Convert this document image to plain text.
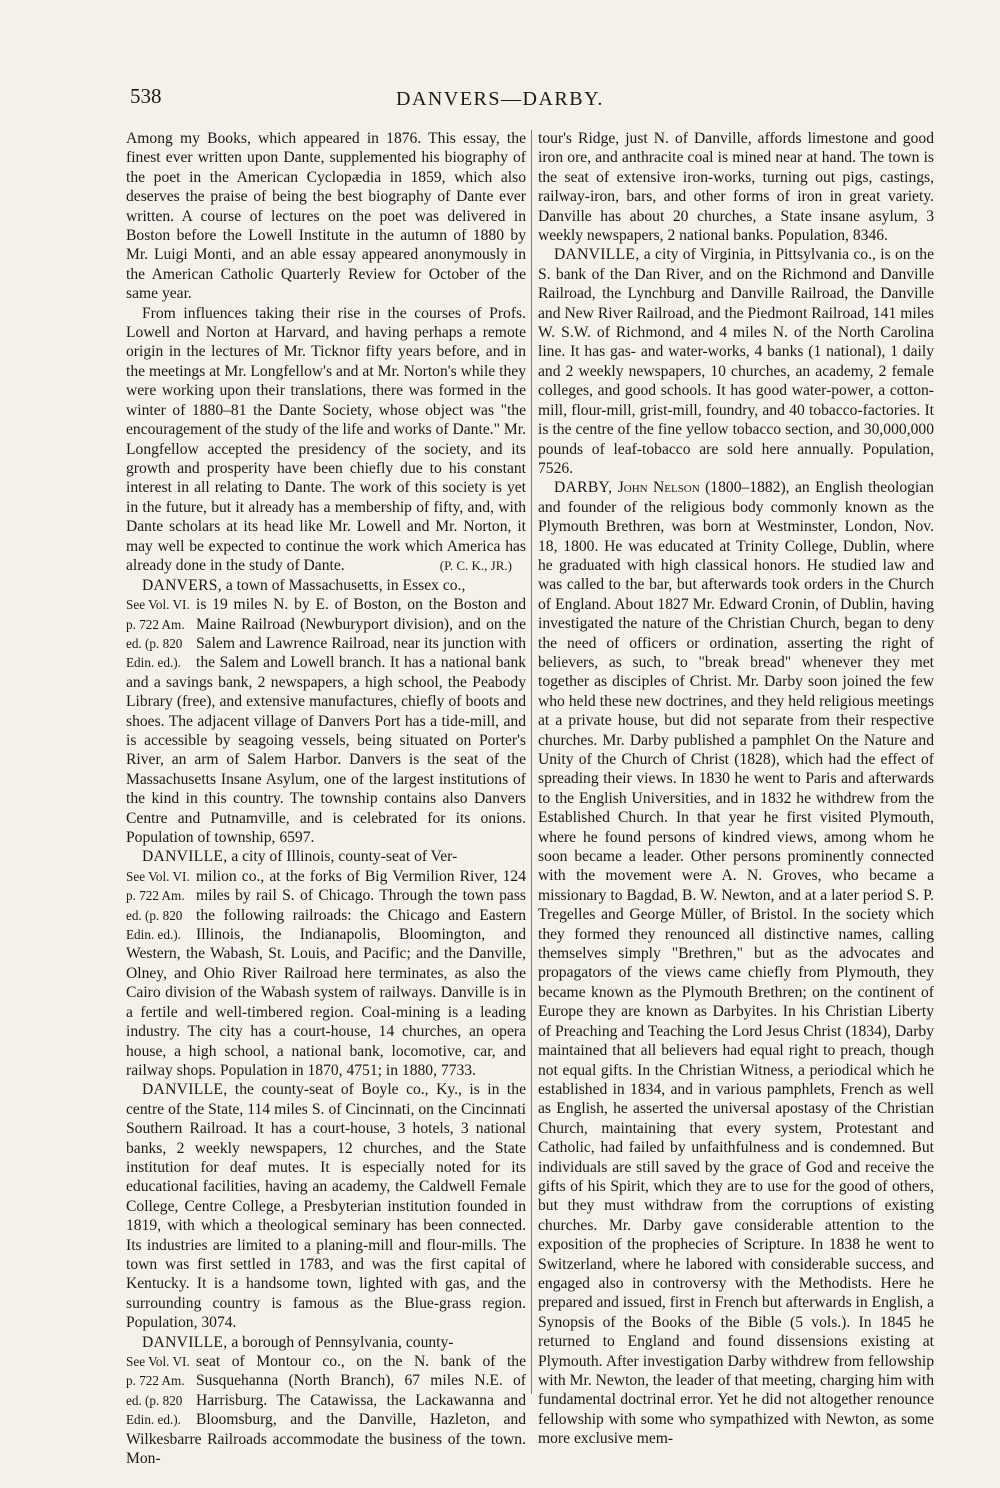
538	DANVERS—DARBY.

Among my Books, which appeared in 1876. This essay, the finest ever written upon Dante, supplemented his biography of the poet in the American Cyclopædia in 1859, which also deserves the praise of being the best biography of Dante ever written. A course of lectures on the poet was delivered in Boston before the Lowell Institute in the autumn of 1880 by Mr. Luigi Monti, and an able essay appeared anonymously in the American Catholic Quarterly Review for October of the same year.

From influences taking their rise in the courses of Profs. Lowell and Norton at Harvard, and having perhaps a remote origin in the lectures of Mr. Ticknor fifty years before, and in the meetings at Mr. Longfellow's and at Mr. Norton's while they were working upon their translations, there was formed in the winter of 1880–81 the Dante Society, whose object was "the encouragement of the study of the life and works of Dante." Mr. Longfellow accepted the presidency of the society, and its growth and prosperity have been chiefly due to his constant interest in all relating to Dante. The work of this society is yet in the future, but it already has a membership of fifty, and, with Dante scholars at its head like Mr. Lowell and Mr. Norton, it may well be expected to continue the work which America has already done in the study of Dante.	(P. C. K., JR.)

DANVERS, a town of Massachusetts, in Essex co.,

See Vol. VI. p. 722 Am. ed. (p. 820 Edin. ed.).
is 19 miles N. by E. of Boston, on the Boston and Maine Railroad (Newburyport division), and on the Salem and Lawrence Railroad, near its junction with the Salem and Lowell branch. It has a national bank and a savings bank, 2 newspapers, a high school, the Peabody Library (free), and extensive manufactures, chiefly of boots and shoes. The adjacent village of Danvers Port has a tide-mill, and is accessible by seagoing vessels, being situated on Porter's River, an arm of Salem Harbor. Danvers is the seat of the Massachusetts Insane Asylum, one of the largest institutions of the kind in this country. The township contains also Danvers Centre and Putnamville, and is celebrated for its onions. Population of township, 6597.

DANVILLE, a city of Illinois, county-seat of Ver-

See Vol. VI. p. 722 Am. ed. (p. 820 Edin. ed.).
milion co., at the forks of Big Vermilion River, 124 miles by rail S. of Chicago. Through the town pass the following railroads: the Chicago and Eastern Illinois, the Indianapolis, Bloomington, and Western, the Wabash, St. Louis, and Pacific; and the Danville, Olney, and Ohio River Railroad here terminates, as also the Cairo division of the Wabash system of railways. Danville is in a fertile and well-timbered region. Coal-mining is a leading industry. The city has a court-house, 14 churches, an opera house, a high school, a national bank, locomotive, car, and railway shops. Population in 1870, 4751; in 1880, 7733.

DANVILLE, the county-seat of Boyle co., Ky., is in the centre of the State, 114 miles S. of Cincinnati, on the Cincinnati Southern Railroad. It has a court-house, 3 hotels, 3 national banks, 2 weekly newspapers, 12 churches, and the State institution for deaf mutes. It is especially noted for its educational facilities, having an academy, the Caldwell Female College, Centre College, a Presbyterian institution founded in 1819, with which a theological seminary has been connected. Its industries are limited to a planing-mill and flour-mills. The town was first settled in 1783, and was the first capital of Kentucky. It is a handsome town, lighted with gas, and the surrounding country is famous as the Blue-grass region. Population, 3074.

DANVILLE, a borough of Pennsylvania, county-

See Vol. VI. p. 722 Am. ed. (p. 820 Edin. ed.).
seat of Montour co., on the N. bank of the Susquehanna (North Branch), 67 miles N.E. of Harrisburg. The Catawissa, the Lackawanna and Bloomsburg, and the Danville, Hazleton, and Wilkesbarre Railroads accommodate the business of the town. Mon-

tour's Ridge, just N. of Danville, affords limestone and good iron ore, and anthracite coal is mined near at hand. The town is the seat of extensive iron-works, turning out pigs, castings, railway-iron, bars, and other forms of iron in great variety. Danville has about 20 churches, a State insane asylum, 3 weekly newspapers, 2 national banks. Population, 8346.

DANVILLE, a city of Virginia, in Pittsylvania co., is on the S. bank of the Dan River, and on the Richmond and Danville Railroad, the Lynchburg and Danville Railroad, the Danville and New River Railroad, and the Piedmont Railroad, 141 miles W. S.W. of Richmond, and 4 miles N. of the North Carolina line. It has gas- and water-works, 4 banks (1 national), 1 daily and 2 weekly newspapers, 10 churches, an academy, 2 female colleges, and good schools. It has good water-power, a cotton-mill, flour-mill, grist-mill, foundry, and 40 tobacco-factories. It is the centre of the fine yellow tobacco section, and 30,000,000 pounds of leaf-tobacco are sold here annually. Population, 7526.

DARBY, John Nelson (1800–1882), an English theologian and founder of the religious body commonly known as the Plymouth Brethren, was born at Westminster, London, Nov. 18, 1800. He was educated at Trinity College, Dublin, where he graduated with high classical honors. He studied law and was called to the bar, but afterwards took orders in the Church of England. About 1827 Mr. Edward Cronin, of Dublin, having investigated the nature of the Christian Church, began to deny the need of officers or ordination, asserting the right of believers, as such, to "break bread" whenever they met together as disciples of Christ. Mr. Darby soon joined the few who held these new doctrines, and they held religious meetings at a private house, but did not separate from their respective churches. Mr. Darby published a pamphlet On the Nature and Unity of the Church of Christ (1828), which had the effect of spreading their views. In 1830 he went to Paris and afterwards to the English Universities, and in 1832 he withdrew from the Established Church. In that year he first visited Plymouth, where he found persons of kindred views, among whom he soon became a leader. Other persons prominently connected with the movement were A. N. Groves, who became a missionary to Bagdad, B. W. Newton, and at a later period S. P. Tregelles and George Müller, of Bristol. In the society which they formed they renounced all distinctive names, calling themselves simply "Brethren," but as the advocates and propagators of the views came chiefly from Plymouth, they became known as the Plymouth Brethren; on the continent of Europe they are known as Darbyites. In his Christian Liberty of Preaching and Teaching the Lord Jesus Christ (1834), Darby maintained that all believers had equal right to preach, though not equal gifts. In the Christian Witness, a periodical which he established in 1834, and in various pamphlets, French as well as English, he asserted the universal apostasy of the Christian Church, maintaining that every system, Protestant and Catholic, had failed by unfaithfulness and is condemned. But individuals are still saved by the grace of God and receive the gifts of his Spirit, which they are to use for the good of others, but they must withdraw from the corruptions of existing churches. Mr. Darby gave considerable attention to the exposition of the prophecies of Scripture. In 1838 he went to Switzerland, where he labored with considerable success, and engaged also in controversy with the Methodists. Here he prepared and issued, first in French but afterwards in English, a Synopsis of the Books of the Bible (5 vols.). In 1845 he returned to England and found dissensions existing at Plymouth. After investigation Darby withdrew from fellowship with Mr. Newton, the leader of that meeting, charging him with fundamental doctrinal error. Yet he did not altogether renounce fellowship with some who sympathized with Newton, as some more exclusive mem-
